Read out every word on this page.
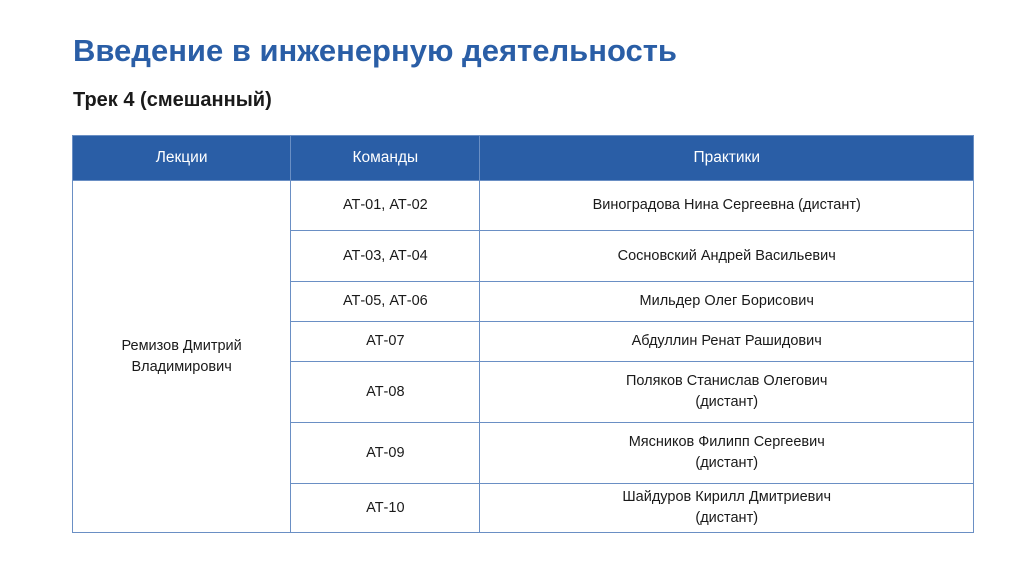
Введение в инженерную деятельность
Трек 4 (смешанный)
Лекции	Команды	Практики
Ремизов Дмитрий
Владимирович	АТ-01, АТ-02	Виноградова Нина Сергеевна (дистант)
	АТ-03, АТ-04	Сосновский Андрей Васильевич
	АТ-05, АТ-06	Мильдер Олег Борисович
	АТ-07	Абдуллин Ренат Рашидович
	АТ-08	Поляков Станислав Олегович
(дистант)
	АТ-09	Мясников Филипп Сергеевич
(дистант)
	АТ-10	Шайдуров Кирилл Дмитриевич
(дистант)
